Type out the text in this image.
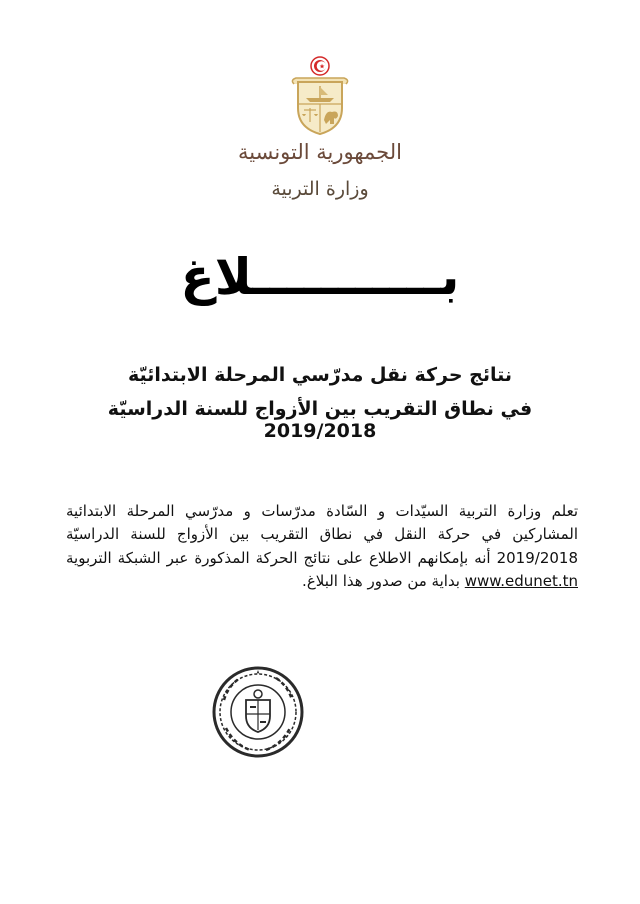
الجمهورية التونسية
وزارة التربية
بـــــــــــلاغ
نتائج حركة نقل مدرّسي المرحلة الابتدائيّة
في نطاق التقريب بين الأزواج للسنة الدراسيّة 2019/2018
تعلم وزارة التربية السيّدات و السّادة مدرّسات و مدرّسي المرحلة الابتدائية المشاركين في حركة النقل في نطاق التقريب بين الأزواج للسنة الدراسيّة 2019/2018 أنه بإمكانهم الاطلاع على نتائج الحركة المذكورة عبر الشبكة التربوية www.edunet.tn بداية من صدور هذا البلاغ.
